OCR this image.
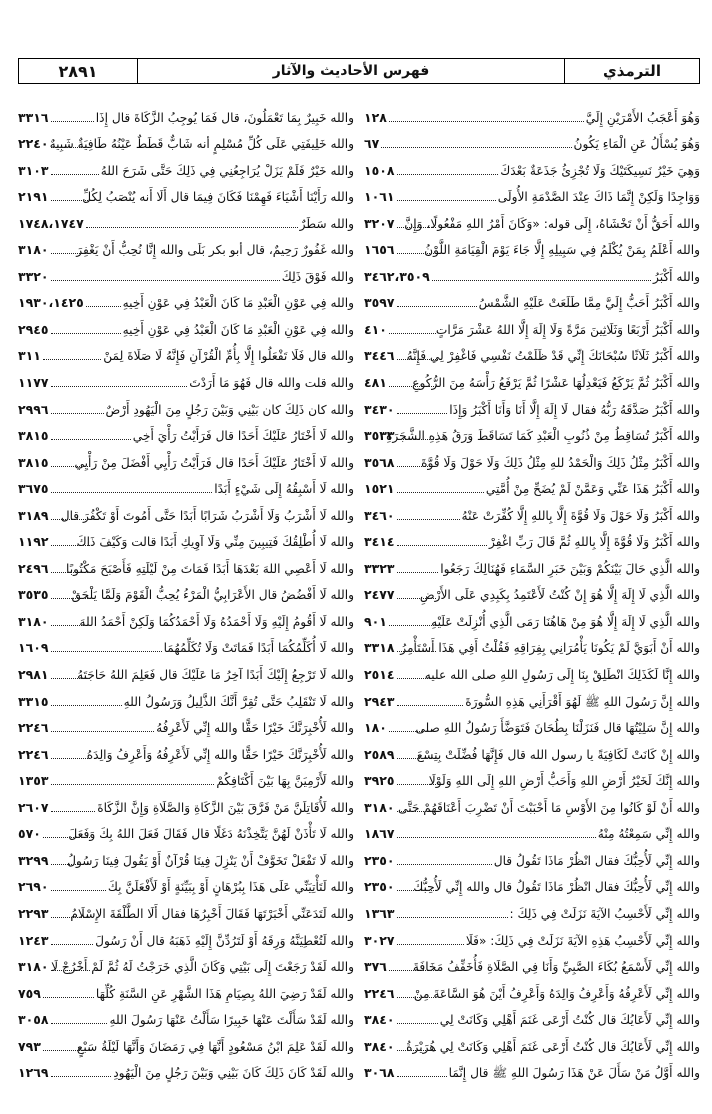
الترمذي
فهرس الأحاديث والآثار
٢٨٩١
وَهُوَ أَعْجَبُ الأَمْرَيْنِ إِلَيَّ
١٢٨
وَهُوَ يُسْأَلُ عَنِ الْمَاءِ يَكُونُ
٦٧
وَهِيَ خَيْرُ نَسِيكَتَيْكَ وَلَا تُجْزِئُ جَذَعَةٌ بَعْدَكَ
١٥٠٨
وَوَاجِدًا وَلَكِنْ إِنَّمَا ذَاكَ عِنْدَ الصَّدْمَةِ الأُولَى
١٠٦١
والله أَحَقُّ أَنْ تَخْشَاهُ، إِلَى قوله: «وَكَانَ أَمْرُ اللهِ مَفْعُولًا، وَإِنَّ
٣٢٠٧
والله أَعْلَمُ بِمَنْ يُكْلَمُ فِي سَبِيلِهِ إِلَّا جَاءَ يَوْمَ الْقِيَامَةِ اللَّوْنُ
١٦٥٦
والله أَكْبَرُ
٣٤٦٢،٣٥٠٩
والله أَكْبَرُ أَحَبُّ إِلَيَّ مِمَّا طَلَعَتْ عَلَيْهِ الشَّمْسُ
٣٥٩٧
والله أَكْبَرُ أَرْبَعًا وَثَلَاثِينَ مَرَّةً وَلَا إِلَهَ إِلَّا اللهُ عَشْرَ مَرَّاتٍ
٤١٠
والله أَكْبَرُ ثَلَاثًا سُبْحَانَكَ إِنِّي قَدْ ظَلَمْتُ نَفْسِي فَاغْفِرْ لِي فَإِنَّهُ
٣٤٤٦
والله أَكْبَرُ ثُمَّ يَرْكَعُ فَيَعْدِلُهَا عَشْرًا ثُمَّ يَرْفَعُ رَأْسَهُ مِنَ الرُّكُوعِ
٤٨١
والله أَكْبَرُ صَدَّقَهُ رَبُّهُ فقال لَا إِلَهَ إِلَّا أَنَا وَأَنَا أَكْبَرُ وَإِذَا
٣٤٣٠
والله أَكْبَرُ تُسَاقِطُ مِنْ ذُنُوبِ الْعَبْدِ كَمَا تَسَاقَطَ وَرَقُ هَذِهِ الشَّجَرَةِ
٣٥٣٣
والله أَكْبَرُ مِثْلُ ذَلِكَ وَالْحَمْدُ للهِ مِثْلُ ذَلِكَ وَلَا حَوْلَ وَلَا قُوَّةَ
٣٥٦٨
والله أَكْبَرُ هَذَا عَنِّي وَعَمَّنْ لَمْ يُضَحِّ مِنْ أُمَّتِي
١٥٢١
والله أَكْبَرُ وَلَا حَوْلَ وَلَا قُوَّةَ إِلَّا بِاللهِ إِلَّا كُفِّرَتْ عَنْهُ
٣٤٦٠
والله أَكْبَرُ وَلَا قُوَّةَ إِلَّا بِاللهِ ثُمَّ قَالَ رَبِّ اغْفِرْ
٣٤١٤
والله الَّذِي حَالَ بَيْنَكُمْ وَبَيْنَ خَبَرِ السَّمَاءِ فَهُنَالِكَ رَجَعُوا
٣٣٢٣
والله الَّذِي لَا إِلَهَ إِلَّا هُوَ إِنْ كُنْتُ لَأَعْتَمِدُ بِكَبِدِي عَلَى الأَرْضِ
٢٤٧٧
والله الَّذِي لَا إِلَهَ إِلَّا هُوَ مِنْ هَاهُنَا رَمَى الَّذِي أُنْزِلَتْ عَلَيْهِ
٩٠١
والله أَنْ أَبَوَيَّ لَمْ يَكُونَا يَأْمُرَانِي بِفِرَاقِهِ فَقُلْتُ أَفِي هَذَا أَسْتَأْمِرُ
٣٣١٨
والله إِنَّا لَكَذَلِكَ انْطَلِقْ بِنَا إِلَى رَسُولِ اللهِ صلى الله عليه
٢٥١٤
والله إِنَّ رَسُولَ اللهِ ﷺ لَهُوَ أَقْرَأَنِي هَذِهِ السُّورَةَ
٢٩٤٣
والله إِنَّ سَلِيْتُهَا قال فَنَزَلْنَا بِطُحَانَ فَتَوَضَّأَ رَسُولُ اللهِ صلى
١٨٠
والله إِنْ كَانَتْ لَكَافِيَةً يا رسول الله قال فَإِنَّهَا فُضِّلَتْ بِتِسْعَ
٢٥٨٩
والله إِنَّكَ لَخَيْرُ أَرْضِ اللهِ وَأَحَبُّ أَرْضِ اللهِ إِلَى اللهِ وَلَوْلَا
٣٩٢٥
والله أَنْ لَوْ كَانُوا مِنَ الأَوْسِ مَا أَحْبَبْتَ أَنْ تَضْرِبَ أَعْنَاقَهُمْ حَتَّى
٣١٨٠
والله إِنِّي سَمِعْتُهُ مِنْهُ
١٨٦٧
والله إِنِّي لَأُحِبُّكَ فقال انْظُرْ مَاذَا تَقُولُ قال
٢٣٥٠
والله إِنِّي لَأُحِبُّكَ فقال انْظُرْ مَاذَا تَقُولُ قال والله إِنِّي لَأُحِبُّكَ
٢٣٥٠
والله إِنِّي لَأَحْسِبُ الآيَةَ نَزَلَتْ فِي ذَلِكَ :
١٣٦٣
والله إِنِّي لَأَحْسِبُ هَذِهِ الآيَةَ نَزَلَتْ فِي ذَلِكَ: «فَلَا
٣٠٢٧
والله إِنِّي لَأَسْمَعُ بُكَاءَ الصَّبِيِّ وَأَنَا فِي الصَّلَاةِ فَأُخَفِّفُ مَخَافَةَ
٣٧٦
والله إِنِّي لَأَعْرِفُهُ وَأَعْرِفُ وَالِدَهُ وَأَعْرِفُ أَيْنَ هُوَ السَّاعَةَ مِنْ
٢٢٤٦
والله إِنِّي لَأَعَايُكَ قال كُنْتُ أَرْعَى غَنَمَ أَهْلِي وَكَانَتْ لِي
٣٨٤٠
والله إِنِّي لَأَعَايُكَ قال كُنْتُ أَرْعَى غَنَمَ أَهْلِي وَكَانَتْ لِي هُرَيْرَةُ
٣٨٤٠
والله أَوَّلُ مَنْ سَأَلَ عَنْ هَذَا رَسُولَ اللهِ ﷺ قال إِنَّمَا
٣٠٦٨
والله خَبِيرٌ بِمَا تَعْمَلُونَ، قال فَمَا يُوجِبُ الزَّكَاةَ قال إِذَا
٣٣١٦
والله خَلِيفَتِي عَلَى كُلِّ مُسْلِمٍ أنه شَابٌّ قَطَطٌ عَيْنُهُ طَافِيَةٌ شَبِيهٌ
٢٢٤٠
والله خَيْرٌ فَلَمْ يَزَلْ يُرَاجِعُنِي فِي ذَلِكَ حَتَّى شَرَحَ اللهُ
٣١٠٣
والله رَأَيْنَا أَشْيَاءَ فَهِمْنَا فَكَانَ فِيمَا قال أَلَا أَنه يُنْصَبُ لِكُلِّ
٢١٩١
والله سَطَرٌ
١٧٤٨،١٧٤٧
والله غَفُورٌ رَحِيمٌ، قال أبو بكر بَلَى والله إِنَّا نُحِبُّ أَنْ يَغْفِرَ
٣١٨٠
والله فَوْقَ ذَلِكَ
٣٣٢٠
والله فِي عَوْنِ الْعَبْدِ مَا كَانَ الْعَبْدُ فِي عَوْنِ أَخِيهِ
١٩٣٠،١٤٢٥
والله فِي عَوْنِ الْعَبْدِ مَا كَانَ الْعَبْدُ فِي عَوْنِ أَخِيهِ
٢٩٤٥
والله قال فَلَا تَفْعَلُوا إِلَّا بِأُمِّ الْقُرْآنِ فَإِنَّهُ لَا صَلَاةَ لِمَنْ
٣١١
والله قلت والله قال فَهُوَ مَا أَرَدْتَ
١١٧٧
والله كان ذَلِكَ كان بَيْنِي وَبَيْنَ رَجُلٍ مِنَ الْيَهُودِ أَرْضٌ
٢٩٩٦
والله لَا أَخْتَارُ عَلَيْكَ أَحَدًا قال فَرَأَيْتُ رَأْيَ أَخِي
٣٨١٥
والله لَا أَخْتَارُ عَلَيْكَ أَحَدًا قال فَرَأَيْتُ رَأْيِي أَفْضَلَ مِنْ رَأْيِي
٣٨١٥
والله لَا أَسْبِقُهُ إِلَى شَيْءٍ أَبَدًا
٣٦٧٥
والله لَا أَشْرَبُ وَلَا أَشْرَبُ شَرَابًا أَبَدًا حَتَّى أَمُوتَ أَوْ تَكْفُرَ قال
٣١٨٩
والله لَا أُطْلِقُكَ فَتِيبِينَ مِنِّي وَلَا آوِيكِ أَبَدًا قالت وَكَيْفَ ذَاكَ
١١٩٢
والله لَا أَعْصِي اللهَ بَعْدَهَا أَبَدًا فَمَاتَ مِنْ لَيْلَتِهِ فَأَصْبَحَ مَكْتُوبًا
٢٤٩٦
والله لَا أَفْضُضُ قال الأَعْرَابِيُّ الْمَرْءُ يُحِبُّ الْقَوْمَ وَلَمَّا يَلْحَقْ
٣٥٣٥
والله لَا أَقُومُ إِلَيْهِ وَلَا أَحْمَدُهُ وَلَا أَحْمَدُكُمَا وَلَكِنْ أَحْمَدُ اللهَ
٣١٨٠
والله لَا أُكَلِّمُكُمَا أَبَدًا فَمَاتَتْ وَلَا تُكَلِّمُهُمَا
١٦٠٩
والله لَا تَرْجِعُ إِلَيْكَ أَبَدًا آخِرُ مَا عَلَيْكَ قال فَعَلِمَ اللهُ حَاجَتَهُ
٢٩٨١
والله لَا تَنْقَلِبُ حَتَّى تُقِرَّ أَنَّكَ الذَّلِيلُ وَرَسُولُ اللهِ
٣٣١٥
والله لَأُخْبِرَنَّكَ خَيْرًا حَقًّا والله إِنِّي لَأَعْرِفُهُ
٢٢٤٦
والله لَأُخْبِرَنَّكَ خَيْرًا حَقًّا والله إِنِّي لَأَعْرِفُهُ وَأَعْرِفُ وَالِدَهُ
٢٢٤٦
والله لَأَرْمِيَنَّ بِهَا بَيْنَ أَكْتَافِكُمْ
١٣٥٣
والله لَأُقَاتِلَنَّ مَنْ فَرَّقَ بَيْنَ الزَّكَاةِ وَالصَّلَاةِ وَإِنَّ الزَّكَاةَ
٢٦٠٧
والله لَا تَأْذَنْ لَهُنَّ يَتَّخِذْنَهُ دَغَلًا قال فَقَالَ فَعَلَ اللهُ بِكَ وَفَعَلَ
٥٧٠
والله لَا تَفْعَلْ تَخَوَّفْ أَنْ يَنْزِلَ فِينَا قُرْآنٌ أَوْ يَقُولَ فِينَا رَسُولُ
٣٢٩٩
والله لَتَأْتِيَنِّي عَلَى هَذَا بِبُرْهَانٍ أَوْ بِبَيِّنَةٍ أَوْ لَأَفْعَلَنَّ بِكَ
٢٦٩٠
والله لَتَدَعَنِّي أَخْبَرْتَهَا فَقَالَ أَخْبِرُهَا فقال أَلَا الطَّلْقَةَ الإِسْلَامُ
٢٢٩٣
والله لَتُعْطِيَنَّهُ وَرِقَهُ أَوْ لَتَرُدِّنَّ إِلَيْهِ ذَهَبَهُ قال أَنْ رَسُولَ
١٢٤٣
والله لَقَدْ رَجَعْتَ إِلَى بَيْتِي وَكَانَ الَّذِي خَرَجْتُ لَهُ ثُمَّ لَمْ أَخْرُجْ لَا
٣١٨٠
والله لَقَدْ رَضِيَ اللهُ بِصِيَامِ هَذَا الشَّهْرِ عَنِ السَّنَةِ كُلِّهَا
٧٥٩
والله لَقَدْ سَأَلْتَ عَنْهَا خَبِيرًا سَأَلْتُ عَنْهَا رَسُولَ اللهِ
٣٠٥٨
والله لَقَدْ عَلِمَ ابْنُ مَسْعُودٍ أَنَّهَا فِي رَمَضَانَ وَأَنَّهَا لَيْلَةُ سَبْعٍ
٧٩٣
والله لَقَدْ كَانَ ذَلِكَ كَانَ بَيْنِي وَبَيْنَ رَجُلٍ مِنَ الْيَهُودِ
١٢٦٩
